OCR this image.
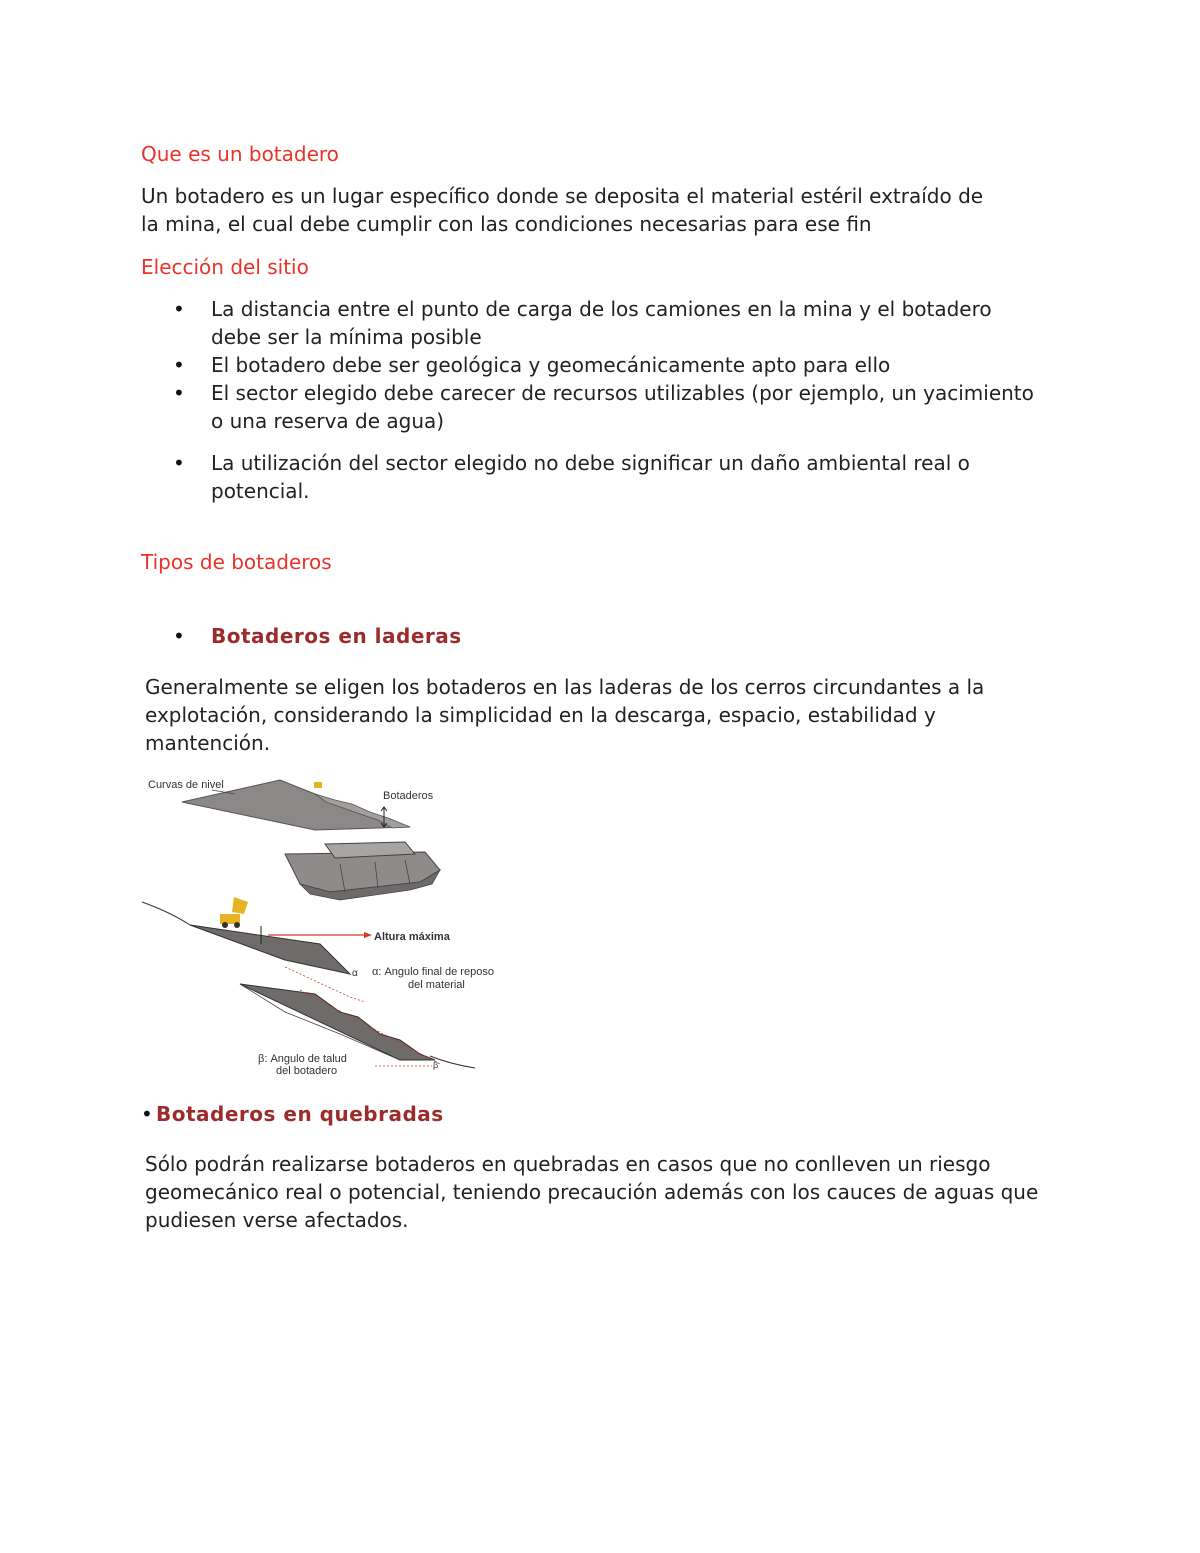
Que es un botadero

Un botadero es un lugar específico donde se deposita el material estéril extraído de

la mina, el cual debe cumplir con las condiciones necesarias para ese fin

Elección del sitio
• La distancia entre el punto de carga de los camiones en la mina y el botadero debe ser la mínima posible
• El botadero debe ser geológica y geomecánicamente apto para ello
• El sector elegido debe carecer de recursos utilizables (por ejemplo, un yacimiento o una reserva de agua)
• La utilización del sector elegido no debe significar un daño ambiental real o potencial.
Tipos de botaderos
• Botaderos en laderas

Generalmente se eligen los botaderos en las laderas de los cerros circundantes a la explotación, considerando la simplicidad en la descarga, espacio, estabilidad y mantención.

Curvas de nivel
Botaderos
α
Altura máxima
α: Angulo final de reposo
del material
β
β: Angulo de talud
del botadero
• Botaderos en quebradas

Sólo podrán realizarse botaderos en quebradas en casos que no conlleven un riesgo geomecánico real o potencial, teniendo precaución además con los cauces de aguas que pudiesen verse afectados.
